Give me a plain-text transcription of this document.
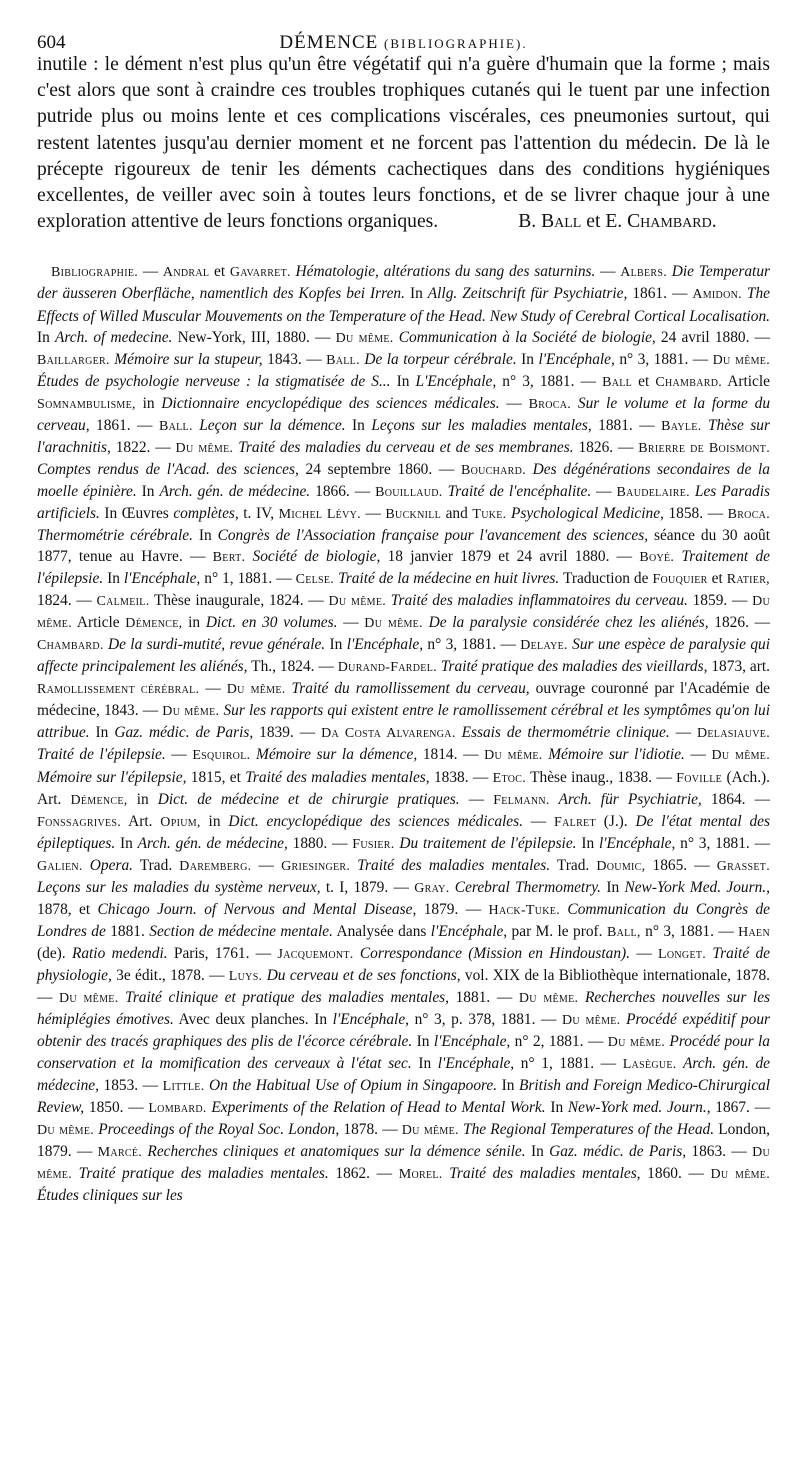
604	DÉMENCE (BIBLIOGRAPHIE).

inutile : le dément n'est plus qu'un être végétatif qui n'a guère d'humain que la forme ; mais c'est alors que sont à craindre ces troubles trophiques cutanés qui le tuent par une infection putride plus ou moins lente et ces complications viscérales, ces pneumonies surtout, qui restent latentes jusqu'au dernier moment et ne forcent pas l'attention du médecin. De là le précepte rigoureux de tenir les déments cachectiques dans des conditions hygiéniques excellentes, de veiller avec soin à toutes leurs fonctions, et de se livrer chaque jour à une exploration attentive de leurs fonctions organiques.	B. Ball et E. Chambard.

Bibliographie. — Andral et Gavarret. Hématologie, altérations du sang des saturnins. — Albers. Die Temperatur der äusseren Oberfläche, namentlich des Kopfes bei Irren. In Allg. Zeitschrift für Psychiatrie, 1861. — Amidon. The Effects of Willed Muscular Mouvements on the Temperature of the Head. New Study of Cerebral Cortical Localisation. In Arch. of medecine. New-York, III, 1880. — Du même. Communication à la Société de biologie, 24 avril 1880. — Baillarger. Mémoire sur la stupeur, 1843. — Ball. De la torpeur cérébrale. In l'Encéphale, n° 3, 1881. — Du même. Études de psychologie nerveuse : la stigmatisée de S... In L'Encéphale, n° 3, 1881. — Ball et Chambard. Article Somnambulisme, in Dictionnaire encyclopédique des sciences médicales. — Broca. Sur le volume et la forme du cerveau, 1861. — Ball. Leçon sur la démence. In Leçons sur les maladies mentales, 1881. — Bayle. Thèse sur l'arachnitis, 1822. — Du même. Traité des maladies du cerveau et de ses membranes. 1826. — Brierre de Boismont. Comptes rendus de l'Acad. des sciences, 24 septembre 1860. — Bouchard. Des dégénérations secondaires de la moelle épinière. In Arch. gén. de médecine. 1866. — Bouillaud. Traité de l'encéphalite. — Baudelaire. Les Paradis artificiels. In Œuvres complètes, t. IV, Michel Lévy. — Bucknill and Tuke. Psychological Medicine, 1858. — Broca. Thermométrie cérébrale. In Congrès de l'Association française pour l'avancement des sciences, séance du 30 août 1877, tenue au Havre. — Bert. Société de biologie, 18 janvier 1879 et 24 avril 1880. — Boyé. Traitement de l'épilepsie. In l'Encéphale, n° 1, 1881. — Celse. Traité de la médecine en huit livres. Traduction de Fouquier et Ratier, 1824. — Calmeil. Thèse inaugurale, 1824. — Du même. Traité des maladies inflammatoires du cerveau. 1859. — Du même. Article Démence, in Dict. en 30 volumes. — Du même. De la paralysie considérée chez les aliénés, 1826. — Chambard. De la surdi-mutité, revue générale. In l'Encéphale, n° 3, 1881. — Delaye. Sur une espèce de paralysie qui affecte principalement les aliénés, Th., 1824. — Durand-Fardel. Traité pratique des maladies des vieillards, 1873, art. Ramollissement cérébral. — Du même. Traité du ramollissement du cerveau, ouvrage couronné par l'Académie de médecine, 1843. — Du même. Sur les rapports qui existent entre le ramollissement cérébral et les symptômes qu'on lui attribue. In Gaz. médic. de Paris, 1839. — Da Costa Alvarenga. Essais de thermométrie clinique. — Delasiauve. Traité de l'épilepsie. — Esquirol. Mémoire sur la démence, 1814. — Du même. Mémoire sur l'idiotie. — Du même. Mémoire sur l'épilepsie, 1815, et Traité des maladies mentales, 1838. — Etoc. Thèse inaug., 1838. — Foville (Ach.). Art. Démence, in Dict. de médecine et de chirurgie pratiques. — Felmann. Arch. für Psychiatrie, 1864. — Fonssagrives. Art. Opium, in Dict. encyclopédique des sciences médicales. — Falret (J.). De l'état mental des épileptiques. In Arch. gén. de médecine, 1880. — Fusier. Du traitement de l'épilepsie. In l'Encéphale, n° 3, 1881. — Galien. Opera. Trad. Daremberg. — Griesinger. Traité des maladies mentales. Trad. Doumic, 1865. — Grasset. Leçons sur les maladies du système nerveux, t. I, 1879. — Gray. Cerebral Thermometry. In New-York Med. Journ., 1878, et Chicago Journ. of Nervous and Mental Disease, 1879. — Hack-Tuke. Communication du Congrès de Londres de 1881. Section de médecine mentale. Analysée dans l'Encéphale, par M. le prof. Ball, n° 3, 1881. — Haen (de). Ratio medendi. Paris, 1761. — Jacquemont. Correspondance (Mission en Hindoustan). — Longet. Traité de physiologie, 3e édit., 1878. — Luys. Du cerveau et de ses fonctions, vol. XIX de la Bibliothèque internationale, 1878. — Du même. Traité clinique et pratique des maladies mentales, 1881. — Du même. Recherches nouvelles sur les hémiplégies émotives. Avec deux planches. In l'Encéphale, n° 3, p. 378, 1881. — Du même. Procédé expéditif pour obtenir des tracés graphiques des plis de l'écorce cérébrale. In l'Encéphale, n° 2, 1881. — Du même. Procédé pour la conservation et la momification des cerveaux à l'état sec. In l'Encéphale, n° 1, 1881. — Lasègue. Arch. gén. de médecine, 1853. — Little. On the Habitual Use of Opium in Singapoore. In British and Foreign Medico-Chirurgical Review, 1850. — Lombard. Experiments of the Relation of Head to Mental Work. In New-York med. Journ., 1867. — Du même. Proceedings of the Royal Soc. London, 1878. — Du même. The Regional Temperatures of the Head. London, 1879. — Marcé. Recherches cliniques et anatomiques sur la démence sénile. In Gaz. médic. de Paris, 1863. — Du même. Traité pratique des maladies mentales. 1862. — Morel. Traité des maladies mentales, 1860. — Du même. Études cliniques sur les
